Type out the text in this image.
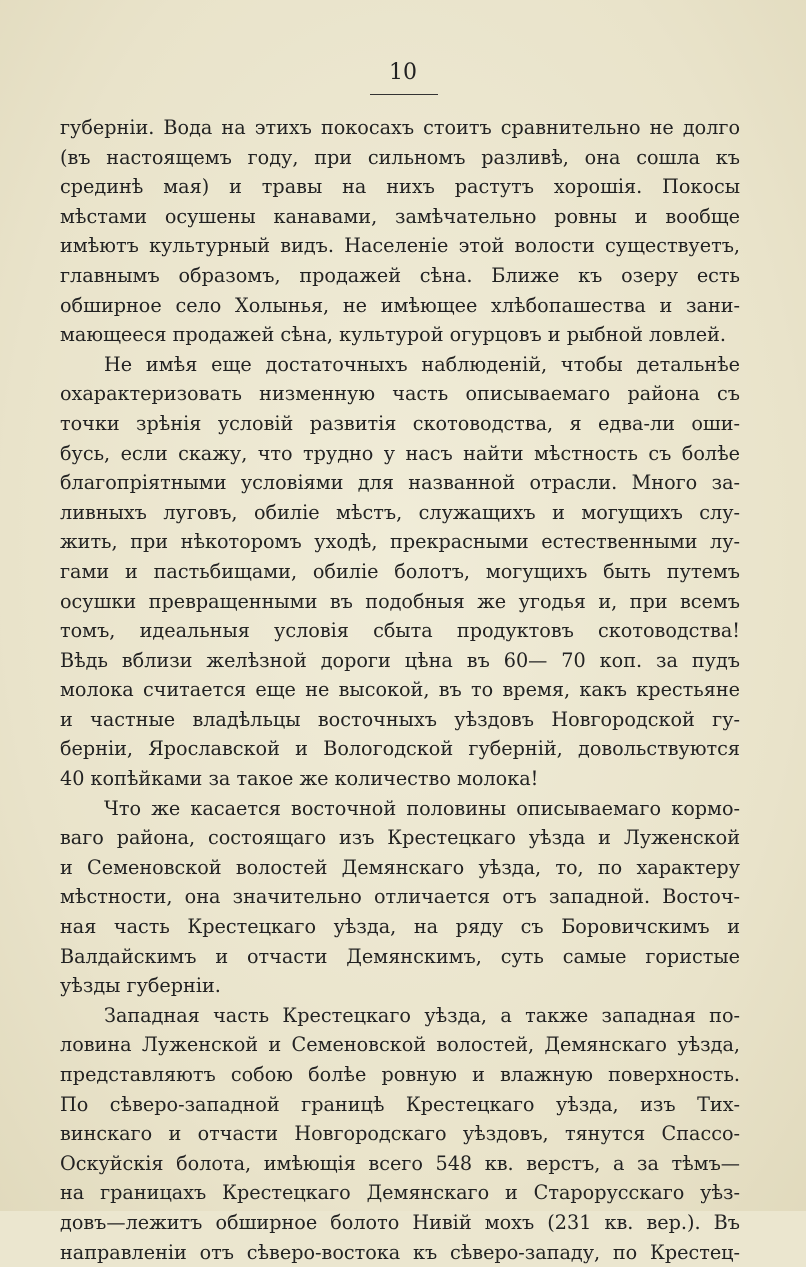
10
губерніи. Вода на этихъ покосахъ стоитъ сравнительно не долго
(въ настоящемъ году, при сильномъ разливѣ, она сошла къ
срединѣ мая) и травы на нихъ растутъ хорошія. Покосы
мѣстами осушены канавами, замѣчательно ровны и вообще
имѣютъ культурный видъ. Населеніе этой волости существуетъ,
главнымъ образомъ, продажей сѣна. Ближе къ озеру есть
обширное село Холынья, не имѣющее хлѣбопашества и зани-
мающееся продажей сѣна, культурой огурцовъ и рыбной ловлей.
Не имѣя еще достаточныхъ наблюденій, чтобы детальнѣе
охарактеризовать низменную часть описываемаго района съ
точки зрѣнія условій развитія скотоводства, я едва-ли оши-
бусь, если скажу, что трудно у насъ найти мѣстность съ болѣе
благопріятными условіями для названной отрасли. Много за-
ливныхъ луговъ, обиліе мѣстъ, служащихъ и могущихъ слу-
жить, при нѣкоторомъ уходѣ, прекрасными естественными лу-
гами и пастьбищами, обиліе болотъ, могущихъ быть путемъ
осушки превращенными въ подобныя же угодья и, при всемъ
томъ, идеальныя условія сбыта продуктовъ скотоводства!
Вѣдь вблизи желѣзной дороги цѣна въ 60— 70 коп. за пудъ
молока считается еще не высокой, въ то время, какъ крестьяне
и частные владѣльцы восточныхъ уѣздовъ Новгородской гу-
берніи, Ярославской и Вологодской губерній, довольствуются
40 копѣйками за такое же количество молока!
Что же касается восточной половины описываемаго кормо-
ваго района, состоящаго изъ Крестецкаго уѣзда и Луженской
и Семеновской волостей Демянскаго уѣзда, то, по характеру
мѣстности, она значительно отличается отъ западной. Восточ-
ная часть Крестецкаго уѣзда, на ряду съ Боровичскимъ и
Валдайскимъ и отчасти Демянскимъ, суть самые гористые
уѣзды губерніи.
Западная часть Крестецкаго уѣзда, а также западная по-
ловина Луженской и Семеновской волостей, Демянскаго уѣзда,
представляютъ собою болѣе ровную и влажную поверхность.
По сѣверо-западной границѣ Крестецкаго уѣзда, изъ Тих-
винскаго и отчасти Новгородскаго уѣздовъ, тянутся Спассо-
Оскуйскія болота, имѣющія всего 548 кв. верстъ, а за тѣмъ—
на границахъ Крестецкаго Демянскаго и Старорусскаго уѣз-
довъ—лежитъ обширное болото Нивій мохъ (231 кв. вер.). Въ
направленіи отъ сѣверо-востока къ сѣверо-западу, по Крестец-
